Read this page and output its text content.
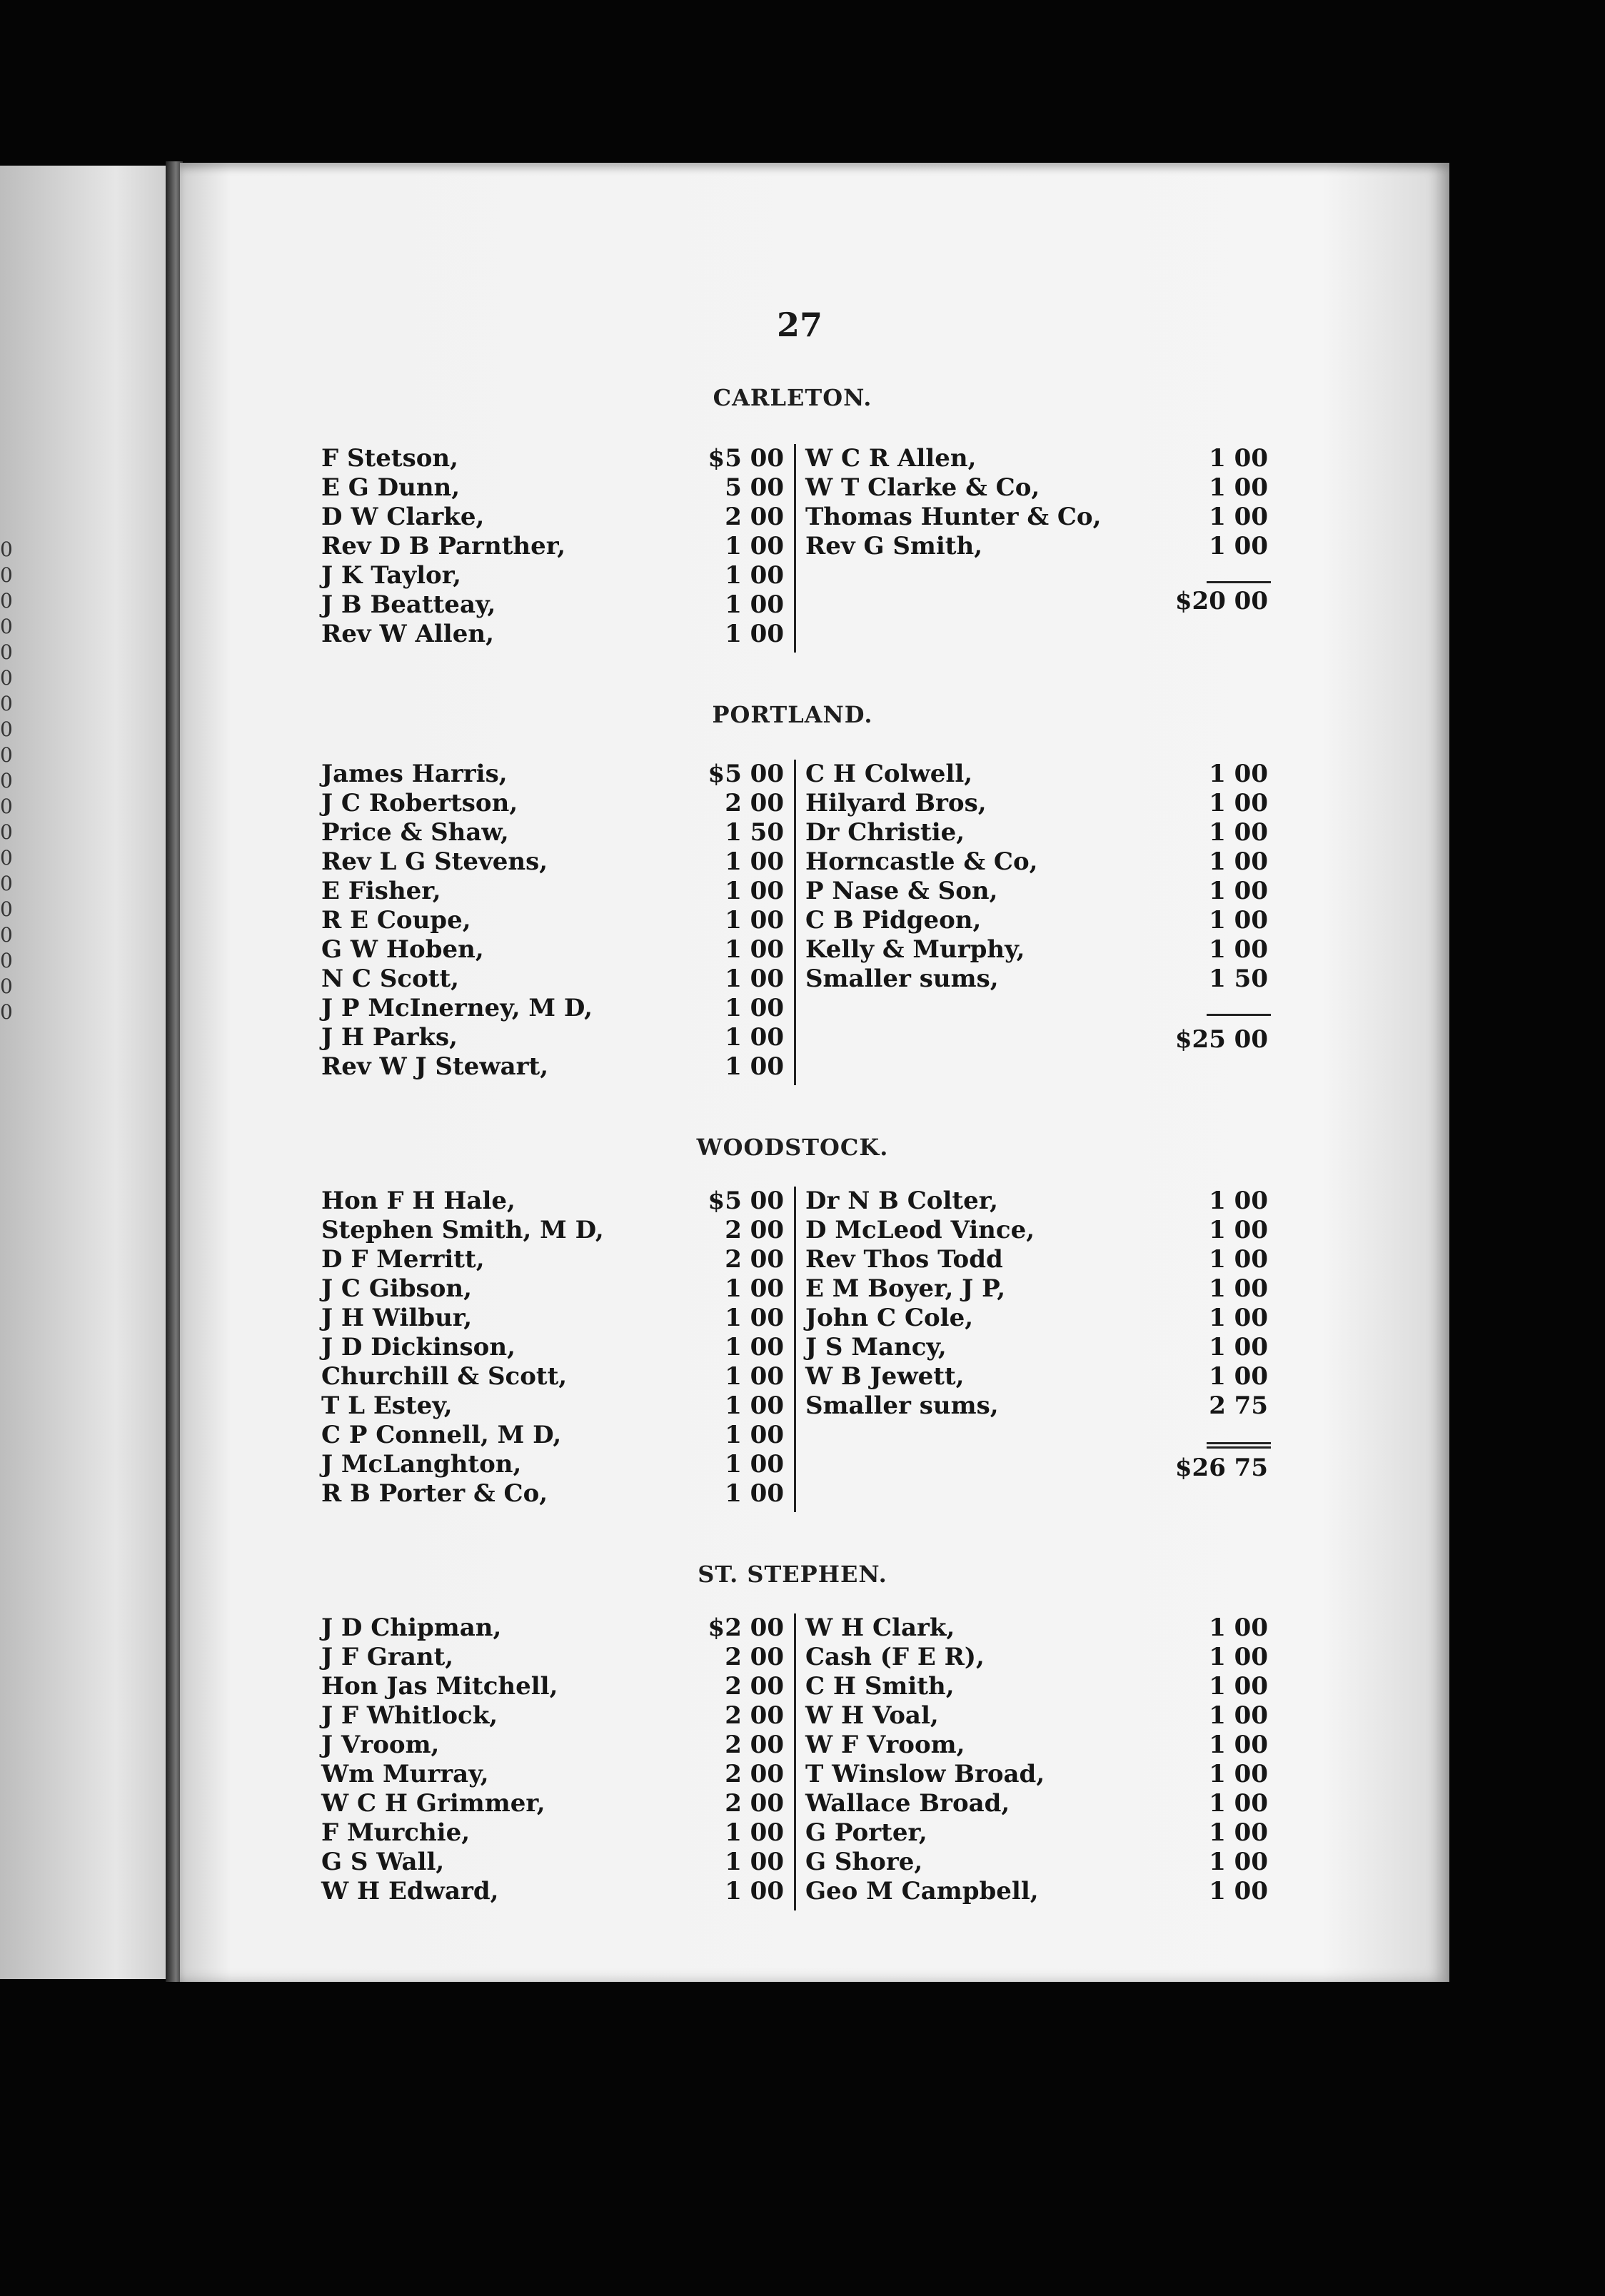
0
0
0
0
0
0
0
0
0
0
0
0
0
0
0
0
0
0
0
27
CARLETON.
F Stetson,	$5 00 W C R Allen,	1 00
E G Dunn,	5 00 W T Clarke & Co,	1 00
D W Clarke,	2 00 Thomas Hunter & Co,	1 00
Rev D B Parnther,	1 00 Rev G Smith,	1 00
J K Taylor,	1 00
J B Beatteay,	1 00
Rev W Allen,	1 00
$20 00
PORTLAND.
James Harris,	$5 00 C H Colwell,	1 00
J C Robertson,	2 00 Hilyard Bros,	1 00
Price & Shaw,	1 50 Dr Christie,	1 00
Rev L G Stevens,	1 00 Horncastle & Co,	1 00
E Fisher,	1 00 P Nase & Son,	1 00
R E Coupe,	1 00 C B Pidgeon,	1 00
G W Hoben,	1 00 Kelly & Murphy,	1 00
N C Scott,	1 00 Smaller sums,	1 50
J P McInerney, M D,	1 00
J H Parks,	1 00
Rev W J Stewart,	1 00
$25 00
WOODSTOCK.
Hon F H Hale,	$5 00 Dr N B Colter,	1 00
Stephen Smith, M D,	2 00 D McLeod Vince,	1 00
D F Merritt,	2 00 Rev Thos Todd	1 00
J C Gibson,	1 00 E M Boyer, J P,	1 00
J H Wilbur,	1 00 John C Cole,	1 00
J D Dickinson,	1 00 J S Mancy,	1 00
Churchill & Scott,	1 00 W B Jewett,	1 00
T L Estey,	1 00 Smaller sums,	2 75
C P Connell, M D,	1 00
J McLanghton,	1 00
R B Porter & Co,	1 00
$26 75
ST. STEPHEN.
J D Chipman,	$2 00 W H Clark,	1 00
J F Grant,	2 00 Cash (F E R),	1 00
Hon Jas Mitchell,	2 00 C H Smith,	1 00
J F Whitlock,	2 00 W H Voal,	1 00
J Vroom,	2 00 W F Vroom,	1 00
Wm Murray,	2 00 T Winslow Broad,	1 00
W C H Grimmer,	2 00 Wallace Broad,	1 00
F Murchie,	1 00 G Porter,	1 00
G S Wall,	1 00 G Shore,	1 00
W H Edward,	1 00 Geo M Campbell,	1 00
